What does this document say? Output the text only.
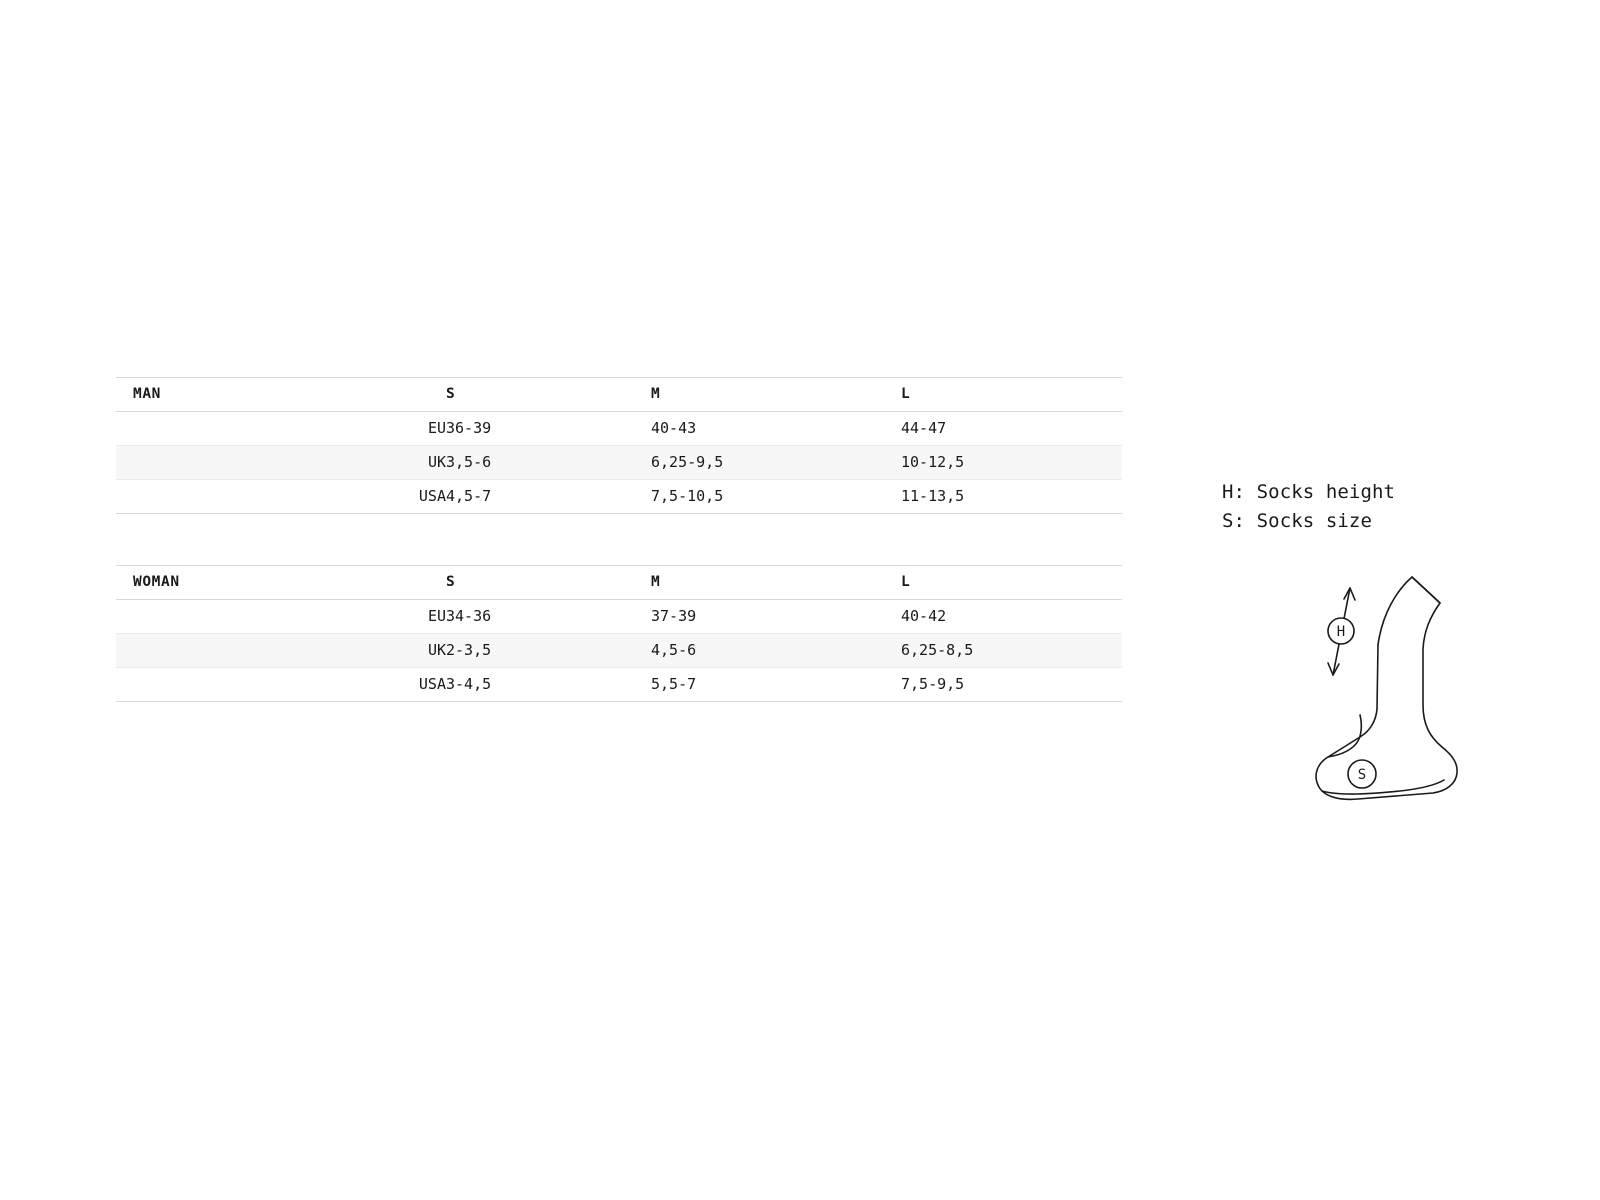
MAN		S	M	L
	EU	36-39	40-43	44-47
	UK	3,5-6	6,25-9,5	10-12,5
	USA	4,5-7	7,5-10,5	11-13,5
WOMAN		S	M	L
	EU	34-36	37-39	40-42
	UK	2-3,5	4,5-6	6,25-8,5
	USA	3-4,5	5,5-7	7,5-9,5
H: Socks height
S: Socks size
H
S
